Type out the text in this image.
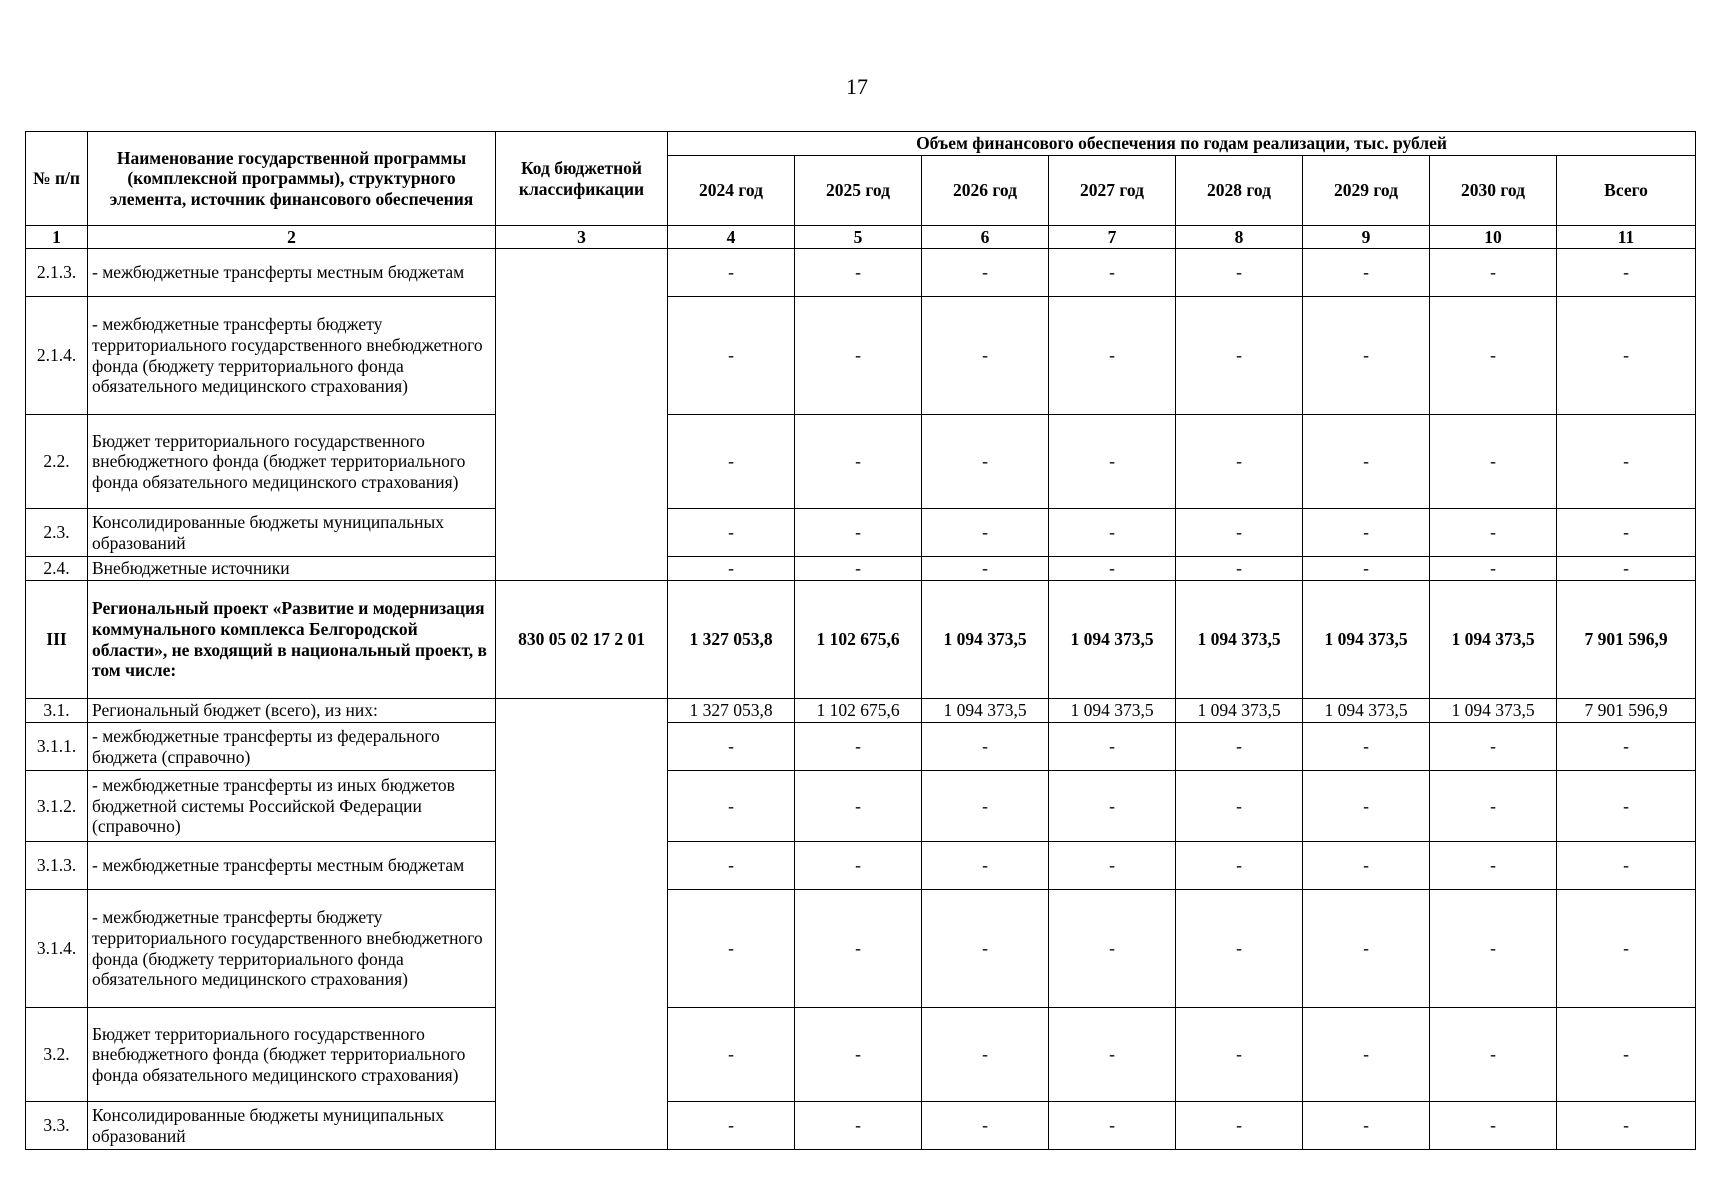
17
№ п/п	Наименование государственной программы (комплексной программы), структурного элемента, источник финансового обеспечения	Код бюджетной классификации	Объем финансового обеспечения по годам реализации, тыс. рублей							
			2024 год	2025 год	2026 год	2027 год	2028 год	2029 год	2030 год	Всего
1	2	3	4	5	6	7	8	9	10	11
2.1.3.	- межбюджетные трансферты местным бюджетам		-	-	-	-	-	-	-	-
2.1.4.	- межбюджетные трансферты бюджету территориального государственного внебюджетного фонда (бюджету территориального фонда обязательного медицинского страхования)		-	-	-	-	-	-	-	-
2.2.	Бюджет территориального государственного внебюджетного фонда (бюджет территориального фонда обязательного медицинского страхования)		-	-	-	-	-	-	-	-
2.3.	Консолидированные бюджеты муниципальных образований		-	-	-	-	-	-	-	-
2.4.	Внебюджетные источники		-	-	-	-	-	-	-	-
III	Региональный проект «Развитие и модернизация коммунального комплекса Белгородской области», не входящий в национальный проект, в том числе:	830 05 02 17 2 01	1 327 053,8	1 102 675,6	1 094 373,5	1 094 373,5	1 094 373,5	1 094 373,5	1 094 373,5	7 901 596,9
3.1.	Региональный бюджет (всего), из них:		1 327 053,8	1 102 675,6	1 094 373,5	1 094 373,5	1 094 373,5	1 094 373,5	1 094 373,5	7 901 596,9
3.1.1.	- межбюджетные трансферты из федерального бюджета (справочно)		-	-	-	-	-	-	-	-
3.1.2.	- межбюджетные трансферты из иных бюджетов бюджетной системы Российской Федерации (справочно)		-	-	-	-	-	-	-	-
3.1.3.	- межбюджетные трансферты местным бюджетам		-	-	-	-	-	-	-	-
3.1.4.	- межбюджетные трансферты бюджету территориального государственного внебюджетного фонда (бюджету территориального фонда обязательного медицинского страхования)		-	-	-	-	-	-	-	-
3.2.	Бюджет территориального государственного внебюджетного фонда (бюджет территориального фонда обязательного медицинского страхования)		-	-	-	-	-	-	-	-
3.3.	Консолидированные бюджеты муниципальных образований		-	-	-	-	-	-	-	-
